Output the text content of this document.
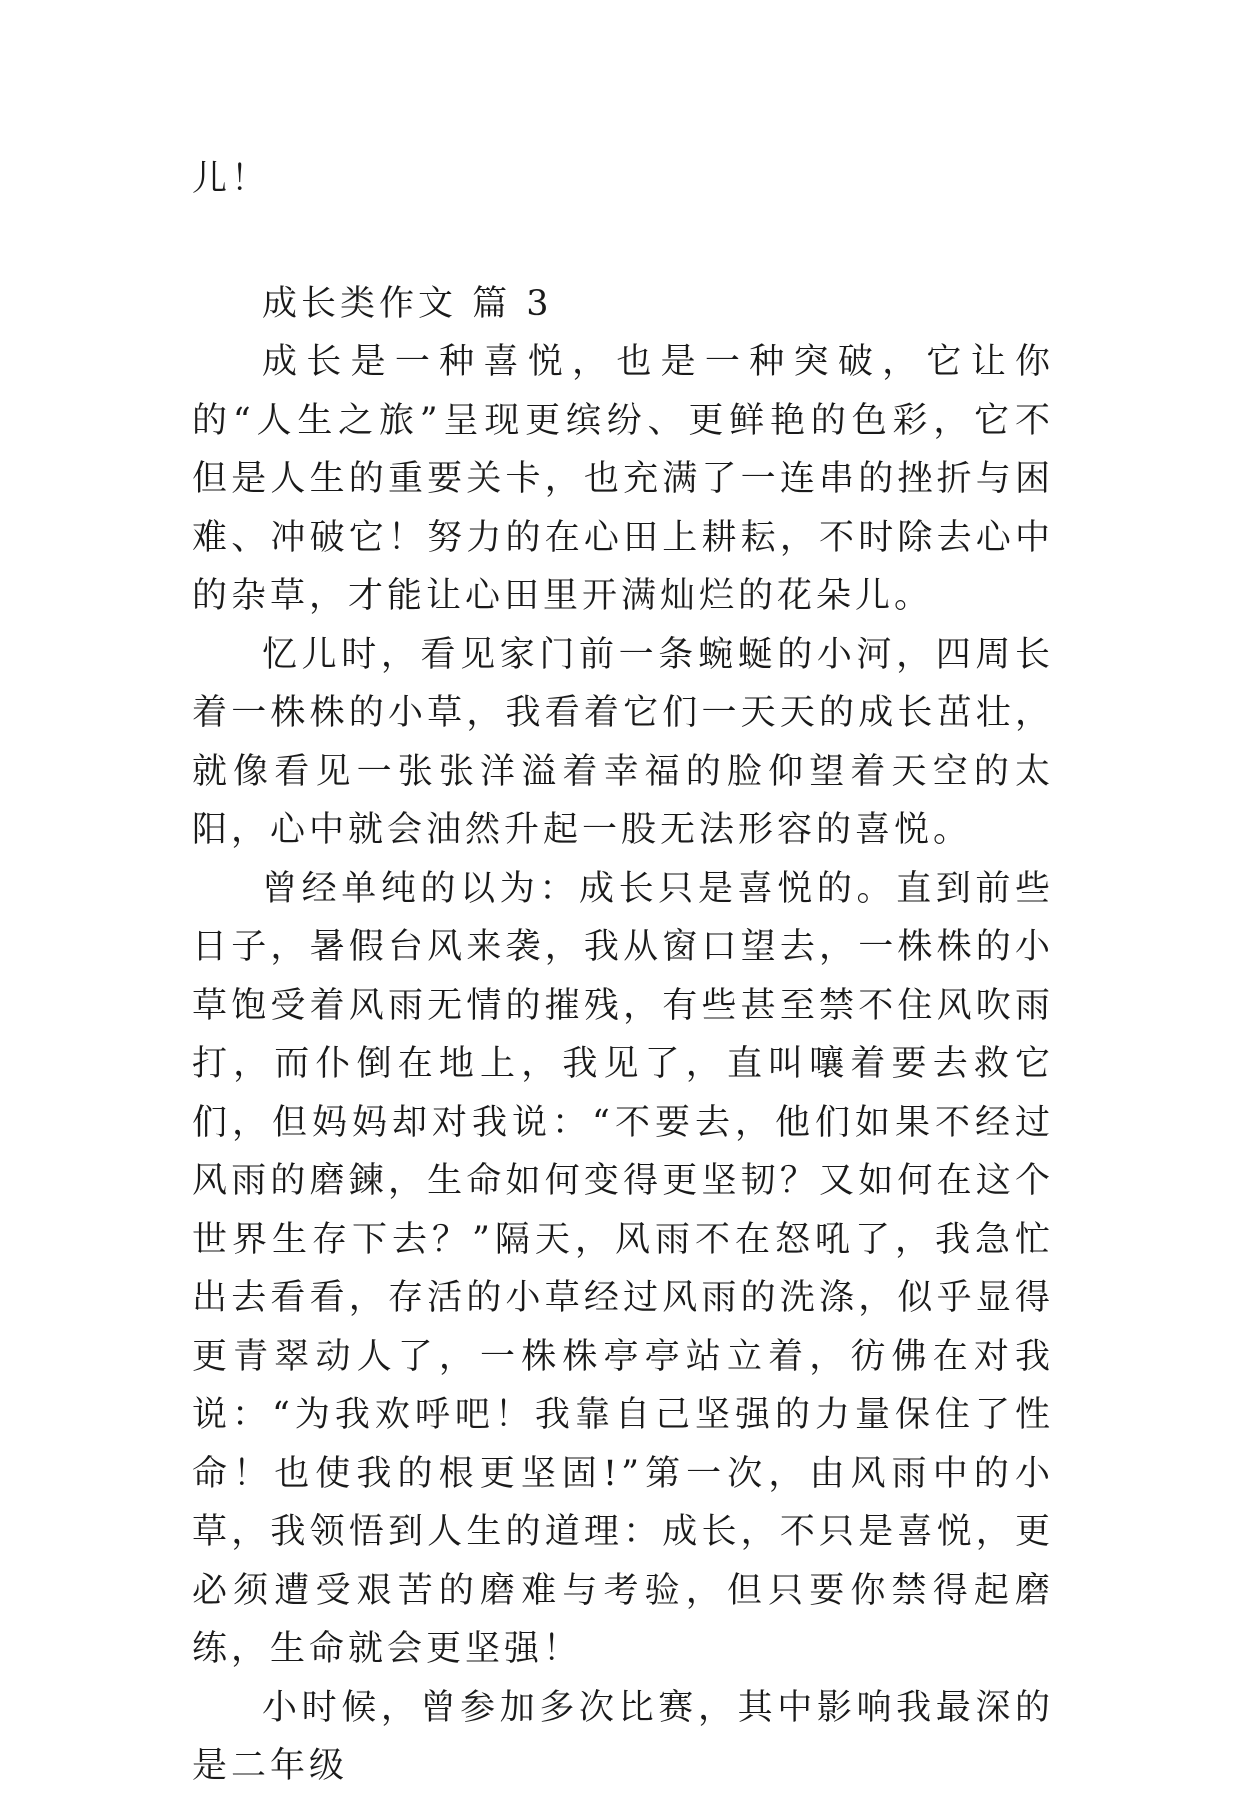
儿！

成长类作文 篇 3

成长是一种喜悦，也是一种突破，它让你的“人生之旅”呈现更缤纷、更鲜艳的色彩，它不但是人生的重要关卡，也充满了一连串的挫折与困难、冲破它！努力的在心田上耕耘，不时除去心中的杂草，才能让心田里开满灿烂的花朵儿。

忆儿时，看见家门前一条蜿蜒的小河，四周长着一株株的小草，我看着它们一天天的成长茁壮，就像看见一张张洋溢着幸福的脸仰望着天空的太阳，心中就会油然升起一股无法形容的喜悦。

曾经单纯的以为：成长只是喜悦的。直到前些日子，暑假台风来袭，我从窗口望去，一株株的小草饱受着风雨无情的摧残，有些甚至禁不住风吹雨打，而仆倒在地上，我见了，直叫嚷着要去救它们，但妈妈却对我说：“不要去，他们如果不经过风雨的磨鍊，生命如何变得更坚韧？又如何在这个世界生存下去？”隔天，风雨不在怒吼了，我急忙出去看看，存活的小草经过风雨的洗涤，似乎显得更青翠动人了，一株株亭亭站立着，彷佛在对我说：“为我欢呼吧！我靠自己坚强的力量保住了性命！也使我的根更坚固!”第一次，由风雨中的小草，我领悟到人生的道理：成长，不只是喜悦，更必须遭受艰苦的磨难与考验，但只要你禁得起磨练，生命就会更坚强！

小时候，曾参加多次比赛，其中影响我最深的是二年级
